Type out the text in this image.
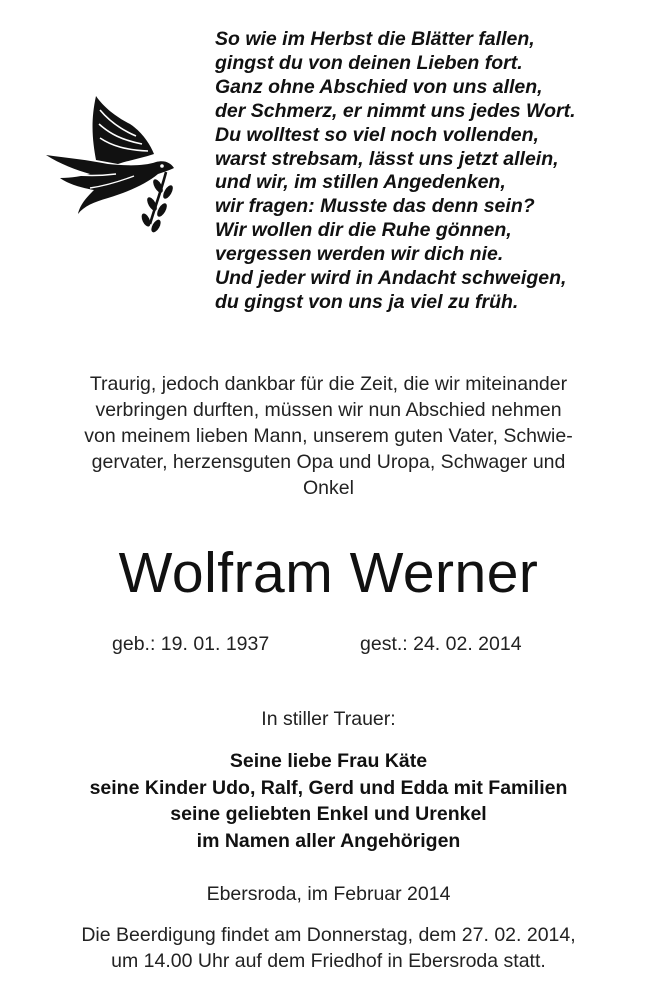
So wie im Herbst die Blätter fallen,
gingst du von deinen Lieben fort.
Ganz ohne Abschied von uns allen,
der Schmerz, er nimmt uns jedes Wort.
Du wolltest so viel noch vollenden,
warst strebsam, lässt uns jetzt allein,
und wir, im stillen Angedenken,
wir fragen: Musste das denn sein?
Wir wollen dir die Ruhe gönnen,
vergessen werden wir dich nie.
Und jeder wird in Andacht schweigen,
du gingst von uns ja viel zu früh.
Traurig, jedoch dankbar für die Zeit, die wir miteinander
verbringen durften, müssen wir nun Abschied nehmen
von meinem lieben Mann, unserem guten Vater, Schwie-
gervater, herzensguten Opa und Uropa, Schwager und
Onkel
Wolfram Werner
geb.: 19. 01. 1937	gest.: 24. 02. 2014
In stiller Trauer:
Seine liebe Frau Käte
seine Kinder Udo, Ralf, Gerd und Edda mit Familien
seine geliebten Enkel und Urenkel
im Namen aller Angehörigen
Ebersroda, im Februar 2014
Die Beerdigung findet am Donnerstag, dem 27. 02. 2014,
um 14.00 Uhr auf dem Friedhof in Ebersroda statt.
